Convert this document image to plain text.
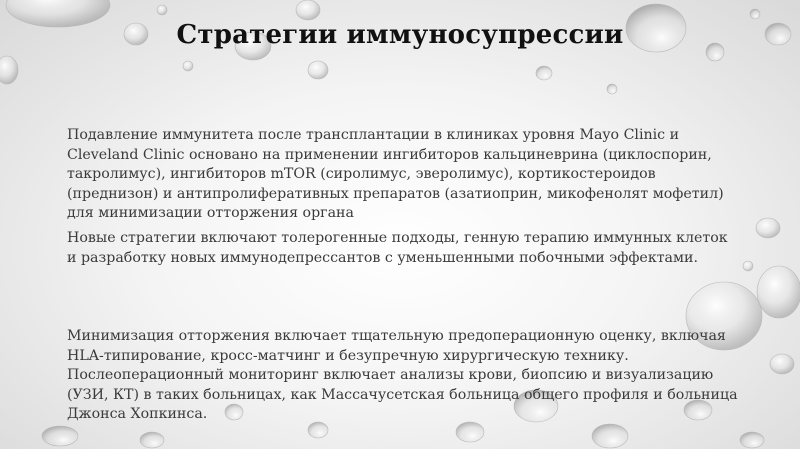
Стратегии иммуносупрессии
Подавление иммунитета после трансплантации в клиниках уровня Mayo Clinic и
Cleveland Clinic основано на применении ингибиторов кальциневрина (циклоспорин,
такролимус), ингибиторов mTOR (сиролимус, эверолимус), кортикостероидов
(преднизон) и антипролиферативных препаратов (азатиоприн, микофенолят мофетил)
для минимизации отторжения органа
Новые стратегии включают толерогенные подходы, генную терапию иммунных клеток
и разработку новых иммунодепрессантов с уменьшенными побочными эффектами.
Минимизация отторжения включает тщательную предоперационную оценку, включая
HLA-типирование, кросс-матчинг и безупречную хирургическую технику.
Послеоперационный мониторинг включает анализы крови, биопсию и визуализацию
(УЗИ, КТ) в таких больницах, как Массачусетская больница общего профиля и больница
Джонса Хопкинса.
